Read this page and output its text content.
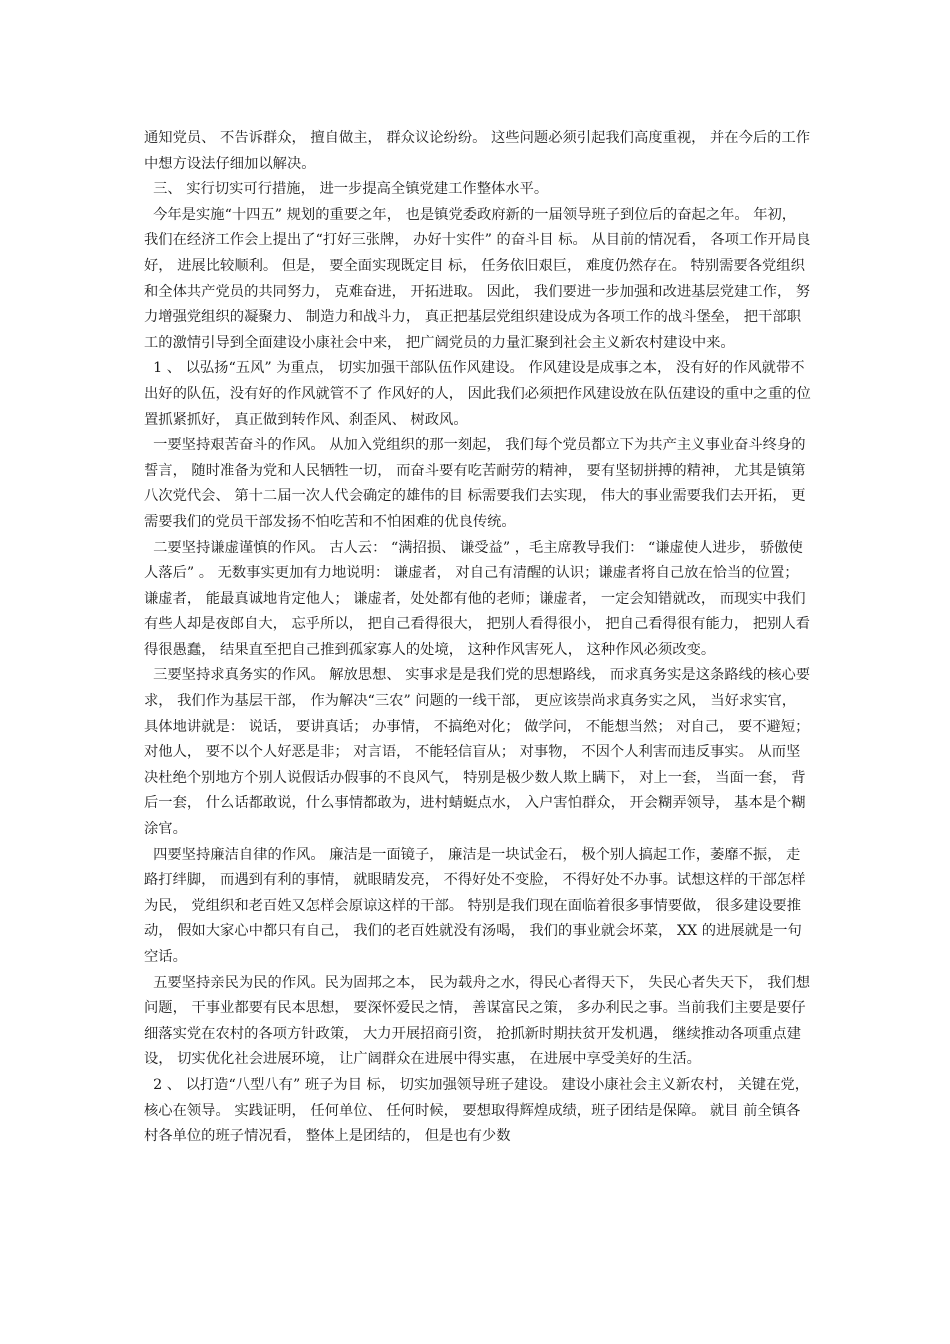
通知党员、 不告诉群众， 擅自做主， 群众议论纷纷。 这些问题必须引起我们高度重视， 并在今后的工作中想方设法仔细加以解决。

三、 实行切实可行措施， 进一步提高全镇党建工作整体水平。

今年是实施“十四五” 规划的重要之年， 也是镇党委政府新的一届领导班子到位后的奋起之年。 年初， 我们在经济工作会上提出了“打好三张牌， 办好十实件” 的奋斗目 标。 从目前的情况看， 各项工作开局良好， 进展比较顺利。 但是， 要全面实现既定目 标， 任务依旧艰巨， 难度仍然存在。 特别需要各党组织和全体共产党员的共同努力， 克难奋进， 开拓进取。 因此， 我们要进一步加强和改进基层党建工作， 努力增强党组织的凝聚力、 制造力和战斗力， 真正把基层党组织建设成为各项工作的战斗堡垒， 把干部职工的激情引导到全面建设小康社会中来， 把广阔党员的力量汇聚到社会主义新农村建设中来。

1 、 以弘扬“五风” 为重点， 切实加强干部队伍作风建设。 作风建设是成事之本， 没有好的作风就带不出好的队伍，没有好的作风就管不了 作风好的人， 因此我们必须把作风建设放在队伍建设的重中之重的位置抓紧抓好， 真正做到转作风、刹歪风、 树政风。

一要坚持艰苦奋斗的作风。 从加入党组织的那一刻起， 我们每个党员都立下为共产主义事业奋斗终身的誓言， 随时准备为党和人民牺牲一切， 而奋斗要有吃苦耐劳的精神， 要有坚韧拼搏的精神， 尤其是镇第八次党代会、 第十二届一次人代会确定的雄伟的目 标需要我们去实现， 伟大的事业需要我们去开拓， 更需要我们的党员干部发扬不怕吃苦和不怕困难的优良传统。

二要坚持谦虚谨慎的作风。 古人云： “满招损、 谦受益” ，毛主席教导我们： “谦虚使人进步， 骄傲使人落后” 。 无数事实更加有力地说明： 谦虚者， 对自己有清醒的认识；谦虚者将自己放在恰当的位置； 谦虚者， 能最真诚地肯定他人； 谦虚者，处处都有他的老师；谦虚者， 一定会知错就改， 而现实中我们有些人却是夜郎自大， 忘乎所以， 把自己看得很大， 把别人看得很小， 把自己看得很有能力， 把别人看得很愚蠢， 结果直至把自己推到孤家寡人的处境， 这种作风害死人， 这种作风必须改变。

三要坚持求真务实的作风。 解放思想、 实事求是是我们党的思想路线， 而求真务实是这条路线的核心要求， 我们作为基层干部， 作为解决“三农” 问题的一线干部， 更应该崇尚求真务实之风， 当好求实官， 具体地讲就是： 说话， 要讲真话； 办事情， 不搞绝对化； 做学问， 不能想当然； 对自己， 要不避短；对他人， 要不以个人好恶是非； 对言语， 不能轻信盲从； 对事物， 不因个人利害而违反事实。 从而坚决杜绝个别地方个别人说假话办假事的不良风气， 特别是极少数人欺上瞒下， 对上一套， 当面一套， 背后一套， 什么话都敢说，什么事情都敢为，进村蜻蜓点水， 入户害怕群众， 开会糊弄领导， 基本是个糊涂官。

四要坚持廉洁自律的作风。 廉洁是一面镜子， 廉洁是一块试金石， 极个别人搞起工作，萎靡不振， 走路打绊脚， 而遇到有利的事情， 就眼睛发亮， 不得好处不变脸， 不得好处不办事。试想这样的干部怎样为民， 党组织和老百姓又怎样会原谅这样的干部。 特别是我们现在面临着很多事情要做， 很多建设要推动， 假如大家心中都只有自己， 我们的老百姓就没有汤喝， 我们的事业就会坏菜， XX 的进展就是一句空话。

五要坚持亲民为民的作风。民为固邦之本， 民为载舟之水，得民心者得天下， 失民心者失天下， 我们想问题， 干事业都要有民本思想， 要深怀爱民之情， 善谋富民之策， 多办利民之事。当前我们主要是要仔细落实党在农村的各项方针政策， 大力开展招商引资， 抢抓新时期扶贫开发机遇， 继续推动各项重点建设， 切实优化社会进展环境， 让广阔群众在进展中得实惠， 在进展中享受美好的生活。

2 、 以打造“八型八有” 班子为目 标， 切实加强领导班子建设。 建设小康社会主义新农村， 关键在党， 核心在领导。 实践证明， 任何单位、 任何时候， 要想取得辉煌成绩，班子团结是保障。 就目 前全镇各村各单位的班子情况看， 整体上是团结的， 但是也有少数
